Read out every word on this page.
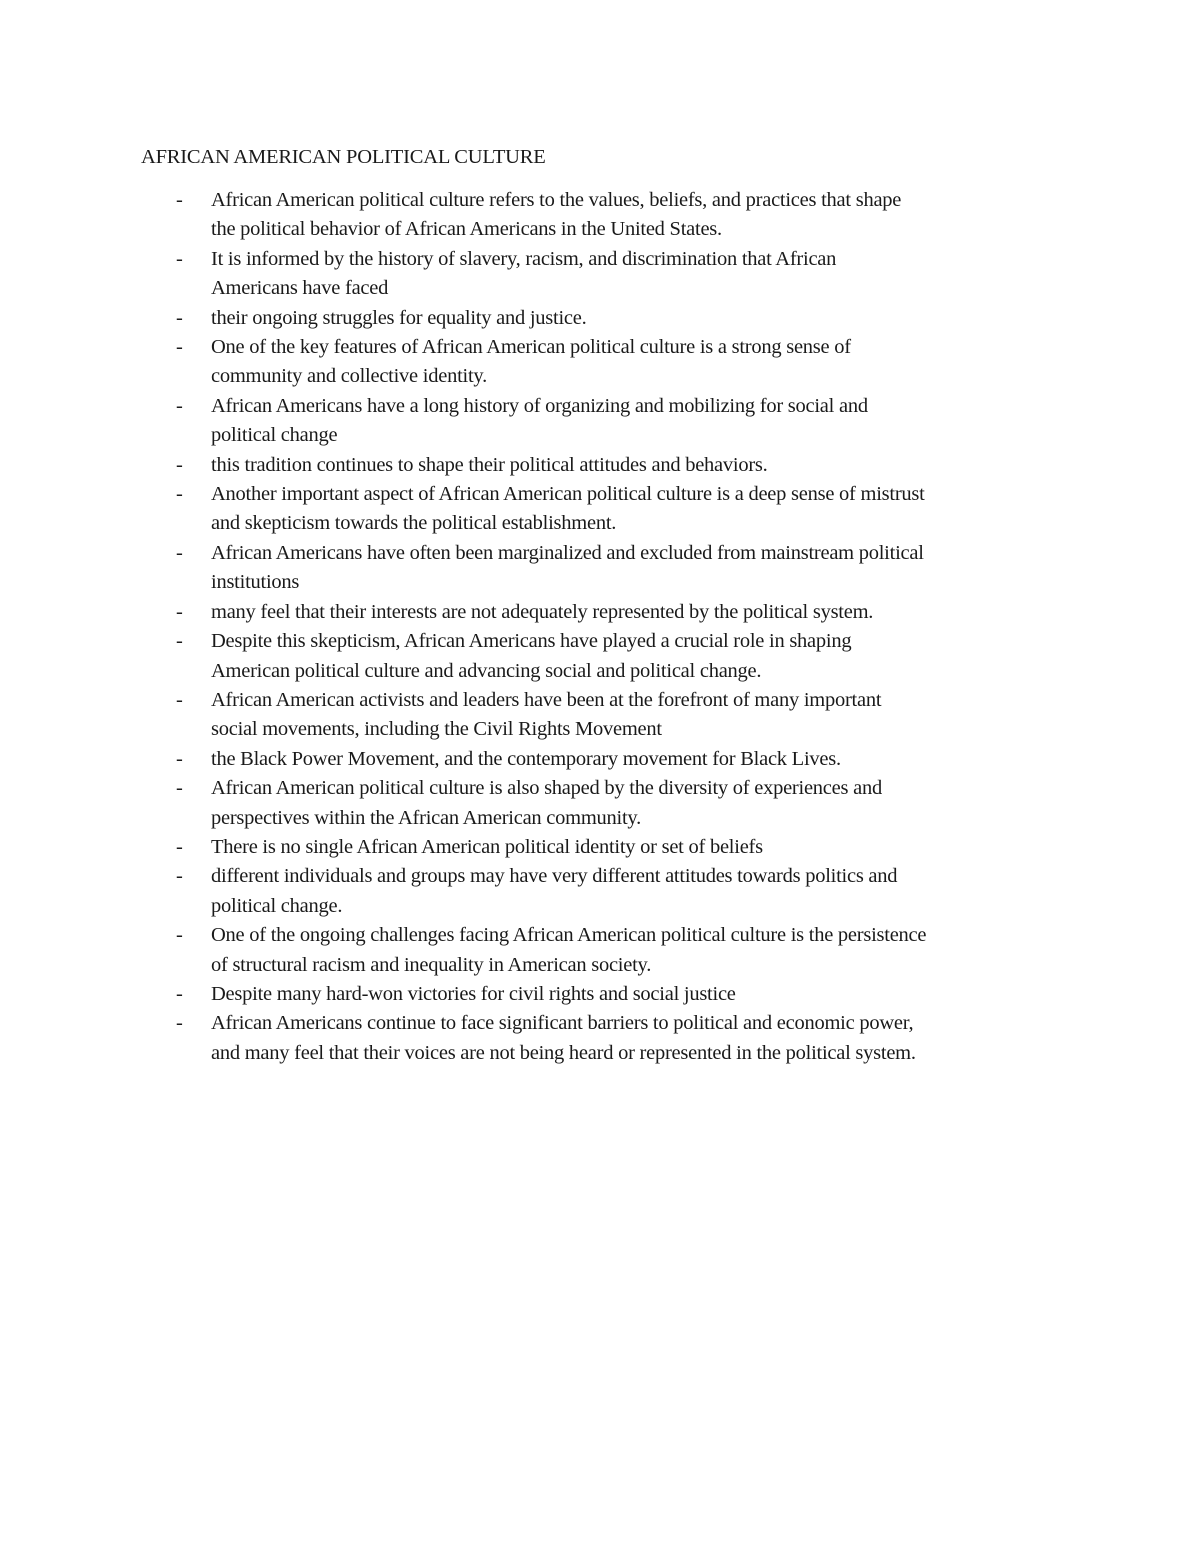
AFRICAN AMERICAN POLITICAL CULTURE
-	African American political culture refers to the values, beliefs, and practices that shape
the political behavior of African Americans in the United States.
-	It is informed by the history of slavery, racism, and discrimination that African
Americans have faced
-	their ongoing struggles for equality and justice.
-	One of the key features of African American political culture is a strong sense of
community and collective identity.
-	African Americans have a long history of organizing and mobilizing for social and
political change
-	this tradition continues to shape their political attitudes and behaviors.
-	Another important aspect of African American political culture is a deep sense of mistrust
and skepticism towards the political establishment.
-	African Americans have often been marginalized and excluded from mainstream political
institutions
-	many feel that their interests are not adequately represented by the political system.
-	Despite this skepticism, African Americans have played a crucial role in shaping
American political culture and advancing social and political change.
-	African American activists and leaders have been at the forefront of many important
social movements, including the Civil Rights Movement
-	the Black Power Movement, and the contemporary movement for Black Lives.
-	African American political culture is also shaped by the diversity of experiences and
perspectives within the African American community.
-	There is no single African American political identity or set of beliefs
-	different individuals and groups may have very different attitudes towards politics and
political change.
-	One of the ongoing challenges facing African American political culture is the persistence
of structural racism and inequality in American society.
-	Despite many hard-won victories for civil rights and social justice
-	African Americans continue to face significant barriers to political and economic power,
and many feel that their voices are not being heard or represented in the political system.
